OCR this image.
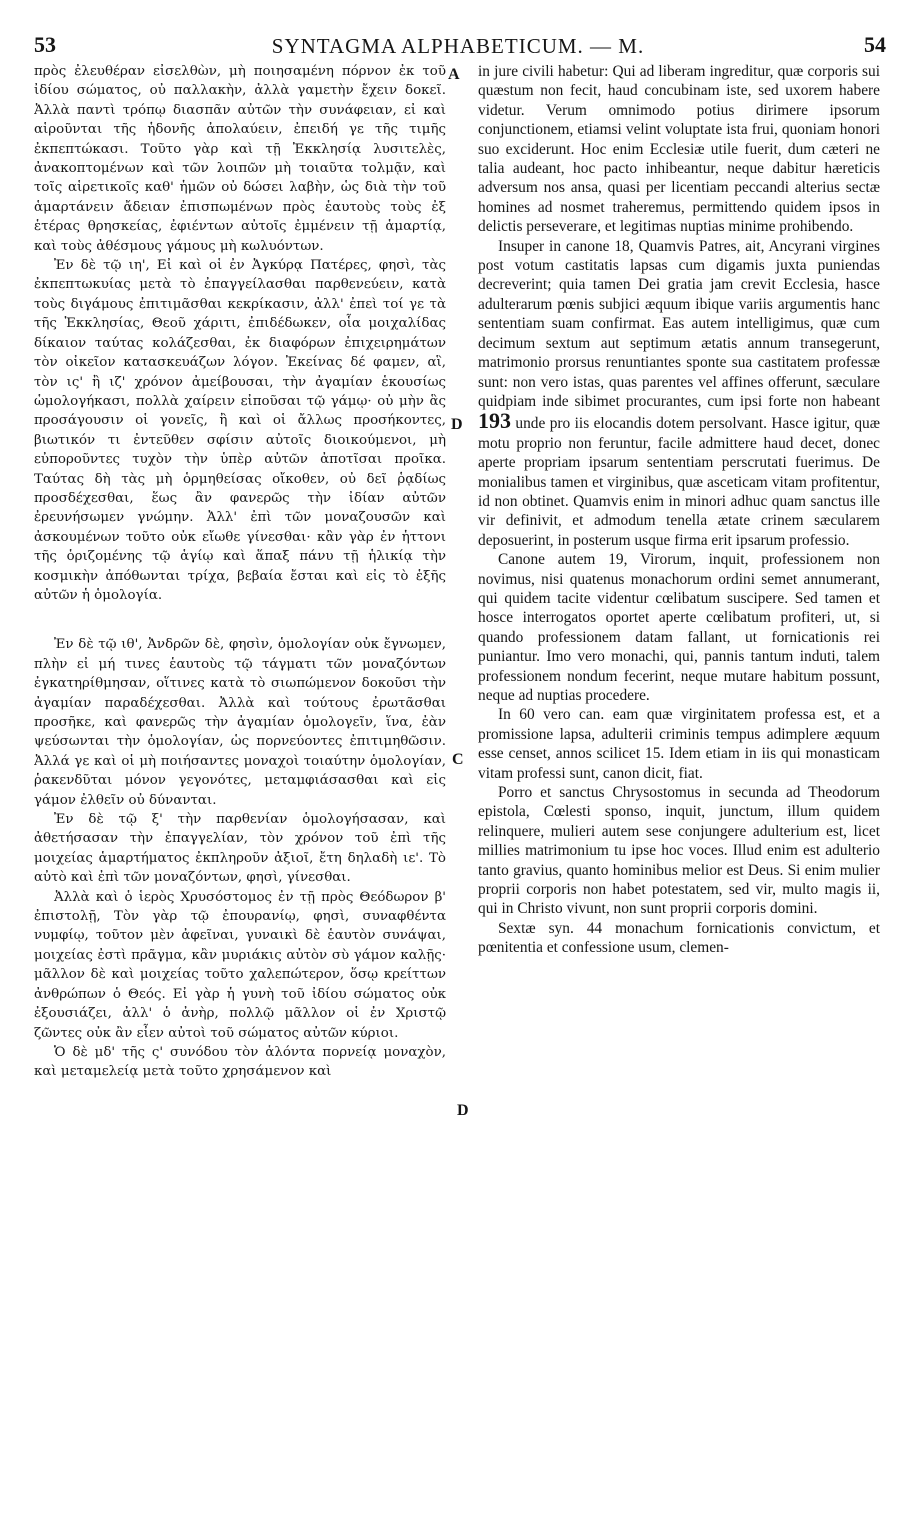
53	SYNTAGMA ALPHABETICUM. — M.	54
A
D
C
D

πρὸς ἐλευθέραν εἰσελθὼν, μὴ ποιησαμένη πόρνον ἐκ τοῦ ἰδίου σώματος, οὐ παλλακὴν, ἀλλὰ γαμετὴν ἔχειν δοκεῖ. Ἀλλὰ παντὶ τρόπῳ διασπᾶν αὐτῶν τὴν συνάφειαν, εἰ καὶ αἱροῦνται τῆς ἡδονῆς ἀπολαύειν, ἐπειδή γε τῆς τιμῆς ἐκπεπτώκασι. Τοῦτο γὰρ καὶ τῇ Ἐκκλησίᾳ λυσιτελὲς, ἀνακοπτομένων καὶ τῶν λοιπῶν μὴ τοιαῦτα τολμᾷν, καὶ τοῖς αἱρετικοῖς καθ' ἡμῶν οὐ δώσει λαβὴν, ὡς διὰ τὴν τοῦ ἁμαρτάνειν ἄδειαν ἐπισπωμένων πρὸς ἑαυτοὺς τοὺς ἐξ ἑτέρας θρησκείας, ἐφιέντων αὐτοῖς ἐμμένειν τῇ ἁμαρτίᾳ, καὶ τοὺς ἀθέσμους γάμους μὴ κωλυόντων.

Ἐν δὲ τῷ ιη', Εἰ καὶ οἱ ἐν Ἀγκύρᾳ Πατέρες, φησὶ, τὰς ἐκπεπτωκυίας μετὰ τὸ ἐπαγγείλασθαι παρθενεύειν, κατὰ τοὺς διγάμους ἐπιτιμᾶσθαι κεκρίκασιν, ἀλλ' ἐπεὶ τοί γε τὰ τῆς Ἐκκλησίας, Θεοῦ χάριτι, ἐπιδέδωκεν, οἷα μοιχαλίδας δίκαιον ταύτας κολάζεσθαι, ἐκ διαφόρων ἐπιχειρημάτων τὸν οἰκεῖον κατασκευάζων λόγον. Ἐκείνας δέ φαμεν, αἳ, τὸν ις' ἢ ιζ' χρόνον ἀμείβουσαι, τὴν ἀγαμίαν ἑκουσίως ὡμολογήκασι, πολλὰ χαίρειν εἰποῦσαι τῷ γάμῳ· οὐ μὴν ἃς προσάγουσιν οἱ γονεῖς, ἢ καὶ οἱ ἄλλως προσήκοντες, βιωτικόν τι ἐντεῦθεν σφίσιν αὐτοῖς διοικούμενοι, μὴ εὐποροῦντες τυχὸν τὴν ὑπὲρ αὐτῶν ἀποτῖσαι προῖκα. Ταύτας δὴ τὰς μὴ ὁρμηθείσας οἴκοθεν, οὐ δεῖ ῥᾳδίως προσδέχεσθαι, ἕως ἂν φανερῶς τὴν ἰδίαν αὐτῶν ἐρευνήσωμεν γνώμην. Ἀλλ' ἐπὶ τῶν μοναζουσῶν καὶ ἀσκουμένων τοῦτο οὐκ εἴωθε γίνεσθαι· κἂν γὰρ ἐν ἡττονι τῆς ὁριζομένης τῷ ἁγίῳ καὶ ἅπαξ πάνυ τῇ ἡλικίᾳ τὴν κοσμικὴν ἀπόθωνται τρίχα, βεβαία ἔσται καὶ εἰς τὸ ἑξῆς αὐτῶν ἡ ὁμολογία.

Ἐν δὲ τῷ ιθ', Ἀνδρῶν δὲ, φησὶν, ὁμολογίαν οὐκ ἔγνωμεν, πλὴν εἰ μή τινες ἑαυτοὺς τῷ τάγματι τῶν μοναζόντων ἐγκατηρίθμησαν, οἵτινες κατὰ τὸ σιωπώμενον δοκοῦσι τὴν ἀγαμίαν παραδέχεσθαι. Ἀλλὰ καὶ τούτους ἐρωτᾶσθαι προσῆκε, καὶ φανερῶς τὴν ἀγαμίαν ὁμολογεῖν, ἵνα, ἐὰν ψεύσωνται τὴν ὁμολογίαν, ὡς πορνεύοντες ἐπιτιμηθῶσιν. Ἀλλά γε καὶ οἱ μὴ ποιήσαντες μοναχοὶ τοιαύτην ὁμολογίαν, ῥακενδῦται μόνον γεγονότες, μεταμφιάσασθαι καὶ εἰς γάμον ἐλθεῖν οὐ δύνανται.

Ἐν δὲ τῷ ξ' τὴν παρθενίαν ὁμολογήσασαν, καὶ ἀθετήσασαν τὴν ἐπαγγελίαν, τὸν χρόνον τοῦ ἐπὶ τῆς μοιχείας ἁμαρτήματος ἐκπληροῦν ἀξιοῖ, ἔτη δηλαδὴ ιε'. Τὸ αὐτὸ καὶ ἐπὶ τῶν μοναζόντων, φησὶ, γίνεσθαι.

Ἀλλὰ καὶ ὁ ἱερὸς Χρυσόστομος ἐν τῇ πρὸς Θεόδωρον β' ἐπιστολῇ, Τὸν γὰρ τῷ ἐπουρανίῳ, φησὶ, συναφθέντα νυμφίῳ, τοῦτον μὲν ἀφεῖναι, γυναικὶ δὲ ἑαυτὸν συνάψαι, μοιχείας ἐστὶ πρᾶγμα, κἂν μυριάκις αὐτὸν σὺ γάμον καλῇς· μᾶλλον δὲ καὶ μοιχείας τοῦτο χαλεπώτερον, ὅσῳ κρείττων ἀνθρώπων ὁ Θεός. Εἰ γὰρ ἡ γυνὴ τοῦ ἰδίου σώματος οὐκ ἐξουσιάζει, ἀλλ' ὁ ἀνὴρ, πολλῷ μᾶλλον οἱ ἐν Χριστῷ ζῶντες οὐκ ἂν εἶεν αὐτοὶ τοῦ σώματος αὐτῶν κύριοι.

Ὁ δὲ μδ' τῆς ς' συνόδου τὸν ἁλόντα πορνείᾳ μοναχὸν, καὶ μεταμελείᾳ μετὰ τοῦτο χρησάμενον καὶ

in jure civili habetur: Qui ad liberam ingreditur, quæ corporis sui quæstum non fecit, haud concubinam iste, sed uxorem habere videtur. Verum omnimodo potius dirimere ipsorum conjunctionem, etiamsi velint voluptate ista frui, quoniam honori suo exciderunt. Hoc enim Ecclesiæ utile fuerit, dum cæteri ne talia audeant, hoc pacto inhibeantur, neque dabitur hæreticis adversum nos ansa, quasi per licentiam peccandi alterius sectæ homines ad nosmet traheremus, permittendo quidem ipsos in delictis perseverare, et legitimas nuptias minime prohibendo.

Insuper in canone 18, Quamvis Patres, ait, Ancyrani virgines post votum castitatis lapsas cum digamis juxta puniendas decreverint; quia tamen Dei gratia jam crevit Ecclesia, hasce adulterarum pœnis subjici æquum ibique variis argumentis hanc sententiam suam confirmat. Eas autem intelligimus, quæ cum decimum sextum aut septimum ætatis annum transegerunt, matrimonio prorsus renuntiantes sponte sua castitatem professæ sunt: non vero istas, quas parentes vel affines offerunt, sæculare quidpiam inde sibimet procurantes, cum ipsi forte non habeant 193 unde pro iis elocandis dotem persolvant. Hasce igitur, quæ motu proprio non feruntur, facile admittere haud decet, donec aperte propriam ipsarum sententiam perscrutati fuerimus. De monialibus tamen et virginibus, quæ asceticam vitam profitentur, id non obtinet. Quamvis enim in minori adhuc quam sanctus ille vir definivit, et admodum tenella ætate crinem sæcularem deposuerint, in posterum usque firma erit ipsarum professio.

Canone autem 19, Virorum, inquit, professionem non novimus, nisi quatenus monachorum ordini semet annumerant, qui quidem tacite videntur cœlibatum suscipere. Sed tamen et hosce interrogatos oportet aperte cœlibatum profiteri, ut, si quando professionem datam fallant, ut fornicationis rei puniantur. Imo vero monachi, qui, pannis tantum induti, talem professionem nondum fecerint, neque mutare habitum possunt, neque ad nuptias procedere.

In 60 vero can. eam quæ virginitatem professa est, et a promissione lapsa, adulterii criminis tempus adimplere æquum esse censet, annos scilicet 15. Idem etiam in iis qui monasticam vitam professi sunt, canon dicit, fiat.

Porro et sanctus Chrysostomus in secunda ad Theodorum epistola, Cœlesti sponso, inquit, junctum, illum quidem relinquere, mulieri autem sese conjungere adulterium est, licet millies matrimonium tu ipse hoc voces. Illud enim est adulterio tanto gravius, quanto hominibus melior est Deus. Si enim mulier proprii corporis non habet potestatem, sed vir, multo magis ii, qui in Christo vivunt, non sunt proprii corporis domini.

Sextæ syn. 44 monachum fornicationis convictum, et pœnitentia et confessione usum, clemen-
